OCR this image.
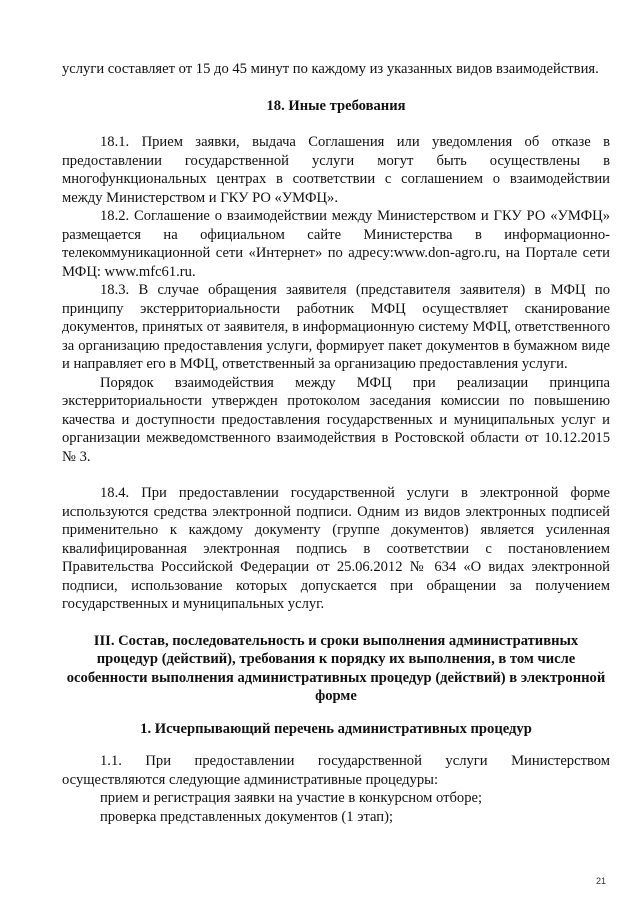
услуги составляет от 15 до 45 минут по каждому из указанных видов взаимодействия.

18. Иные требования

18.1. Прием заявки, выдача Соглашения или уведомления об отказе в предоставлении государственной услуги могут быть осуществлены в многофункциональных центрах в соответствии с соглашением о взаимодействии между Министерством и ГКУ РО «УМФЦ».

18.2. Соглашение о взаимодействии между Министерством и ГКУ РО «УМФЦ» размещается на официальном сайте Министерства в информационно-телекоммуникационной сети «Интернет» по адресу:www.don-agro.ru, на Портале сети МФЦ: www.mfc61.ru.

18.3. В случае обращения заявителя (представителя заявителя) в МФЦ по принципу экстерриториальности работник МФЦ осуществляет сканирование документов, принятых от заявителя, в информационную систему МФЦ, ответственного за организацию предоставления услуги, формирует пакет документов в бумажном виде и направляет его в МФЦ, ответственный за организацию предоставления услуги.

Порядок взаимодействия между МФЦ при реализации принципа экстерриториальности утвержден протоколом заседания комиссии по повышению качества и доступности предоставления государственных и муниципальных услуг и организации межведомственного взаимодействия в Ростовской области от 10.12.2015 № 3.

18.4. При предоставлении государственной услуги в электронной форме используются средства электронной подписи. Одним из видов электронных подписей применительно к каждому документу (группе документов) является усиленная квалифицированная электронная подпись в соответствии с постановлением Правительства Российской Федерации от 25.06.2012 № 634 «О видах электронной подписи, использование которых допускается при обращении за получением государственных и муниципальных услуг.

III. Состав, последовательность и сроки выполнения административных процедур (действий), требования к порядку их выполнения, в том числе особенности выполнения административных процедур (действий) в электронной форме

1. Исчерпывающий перечень административных процедур

1.1. При предоставлении государственной услуги Министерством осуществляются следующие административные процедуры:

прием и регистрация заявки на участие в конкурсном отборе;

проверка представленных документов (1 этап);

21
